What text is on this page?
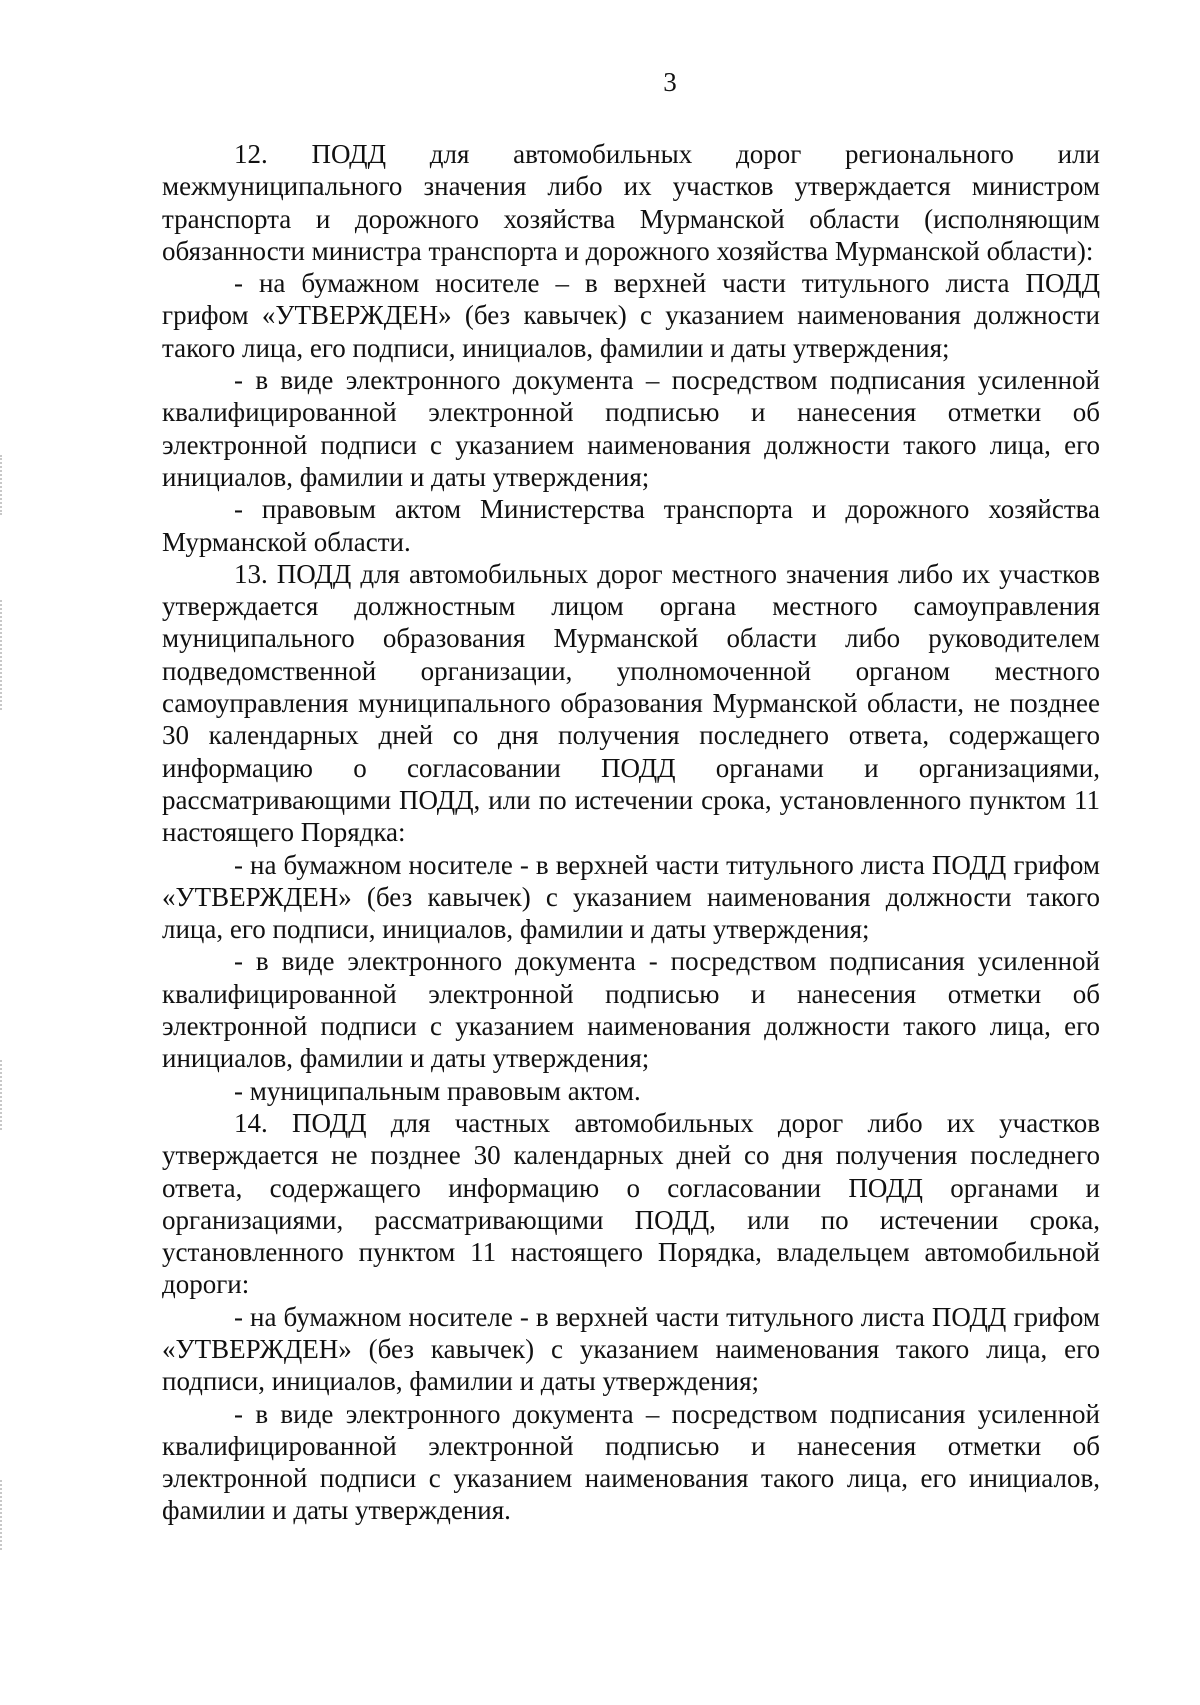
3

12. ПОДД для автомобильных дорог регионального или межмуниципального значения либо их участков утверждается министром транспорта и дорожного хозяйства Мурманской области (исполняющим обязанности министра транспорта и дорожного хозяйства Мурманской области):

- на бумажном носителе – в верхней части титульного листа ПОДД грифом «УТВЕРЖДЕН» (без кавычек) с указанием наименования должности такого лица, его подписи, инициалов, фамилии и даты утверждения;

- в виде электронного документа – посредством подписания усиленной квалифицированной электронной подписью и нанесения отметки об электронной подписи с указанием наименования должности такого лица, его инициалов, фамилии и даты утверждения;

- правовым актом Министерства транспорта и дорожного хозяйства Мурманской области.

13. ПОДД для автомобильных дорог местного значения либо их участков утверждается должностным лицом органа местного самоуправления муниципального образования Мурманской области либо руководителем подведомственной организации, уполномоченной органом местного самоуправления муниципального образования Мурманской области, не позднее 30 календарных дней со дня получения последнего ответа, содержащего информацию о согласовании ПОДД органами и организациями, рассматривающими ПОДД, или по истечении срока, установленного пунктом 11 настоящего Порядка:

- на бумажном носителе - в верхней части титульного листа ПОДД грифом «УТВЕРЖДЕН» (без кавычек) с указанием наименования должности такого лица, его подписи, инициалов, фамилии и даты утверждения;

- в виде электронного документа - посредством подписания усиленной квалифицированной электронной подписью и нанесения отметки об электронной подписи с указанием наименования должности такого лица, его инициалов, фамилии и даты утверждения;

- муниципальным правовым актом.

14. ПОДД для частных автомобильных дорог либо их участков утверждается не позднее 30 календарных дней со дня получения последнего ответа, содержащего информацию о согласовании ПОДД органами и организациями, рассматривающими ПОДД, или по истечении срока, установленного пунктом 11 настоящего Порядка, владельцем автомобильной дороги:

- на бумажном носителе - в верхней части титульного листа ПОДД грифом «УТВЕРЖДЕН» (без кавычек) с указанием наименования такого лица, его подписи, инициалов, фамилии и даты утверждения;

- в виде электронного документа – посредством подписания усиленной квалифицированной электронной подписью и нанесения отметки об электронной подписи с указанием наименования такого лица, его инициалов, фамилии и даты утверждения.
